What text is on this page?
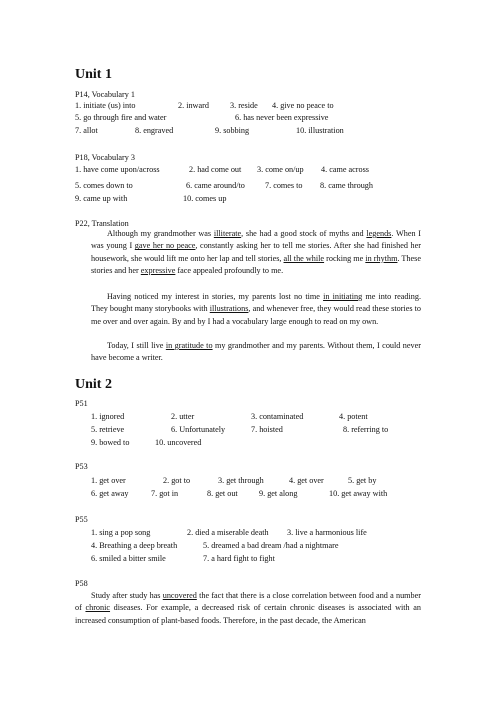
Unit 1
P14, Vocabulary 1
1. initiate (us) into	2. inward	3. reside 4. give no peace to
5. go through fire and water	6. has never been expressive
7. allot	8. engraved	9. sobbing	10. illustration
P18, Vocabulary 3
1. have come upon/across	2. had come out 3. come on/up 4. came across
5. comes down to	6. came around/to 7. comes to 8. came through
9. came up with	10. comes up
P22, Translation
Although my grandmother was illiterate, she had a good stock of myths and legends. When I was young I gave her no peace, constantly asking her to tell me stories. After she had finished her housework, she would lift me onto her lap and tell stories, all the while rocking me in rhythm. These stories and her expressive face appealed profoundly to me.
Having noticed my interest in stories, my parents lost no time in initiating me into reading. They bought many storybooks with illustrations, and whenever free, they would read these stories to me over and over again. By and by I had a vocabulary large enough to read on my own.
Today, I still live in gratitude to my grandmother and my parents. Without them, I could never have become a writer.
Unit 2
P51
1. ignored	2. utter	3. contaminated	4. potent
5. retrieve	6. Unfortunately	7. hoisted	8. referring to
9. bowed to	10. uncovered
P53
1. get over	2. got to	3. get through	4. get over	5. get by
6. get away	7. got in	8. get out	9. get along	10. get away with
P55
1. sing a pop song	2. died a miserable death 3. live a harmonious life
4. Breathing a deep breath	5. dreamed a bad dream /had a nightmare
6. smiled a bitter smile	7. a hard fight to fight
P58
Study after study has uncovered the fact that there is a close correlation between food and a number of chronic diseases. For example, a decreased risk of certain chronic diseases is associated with an increased consumption of plant-based foods. Therefore, in the past decade, the American
